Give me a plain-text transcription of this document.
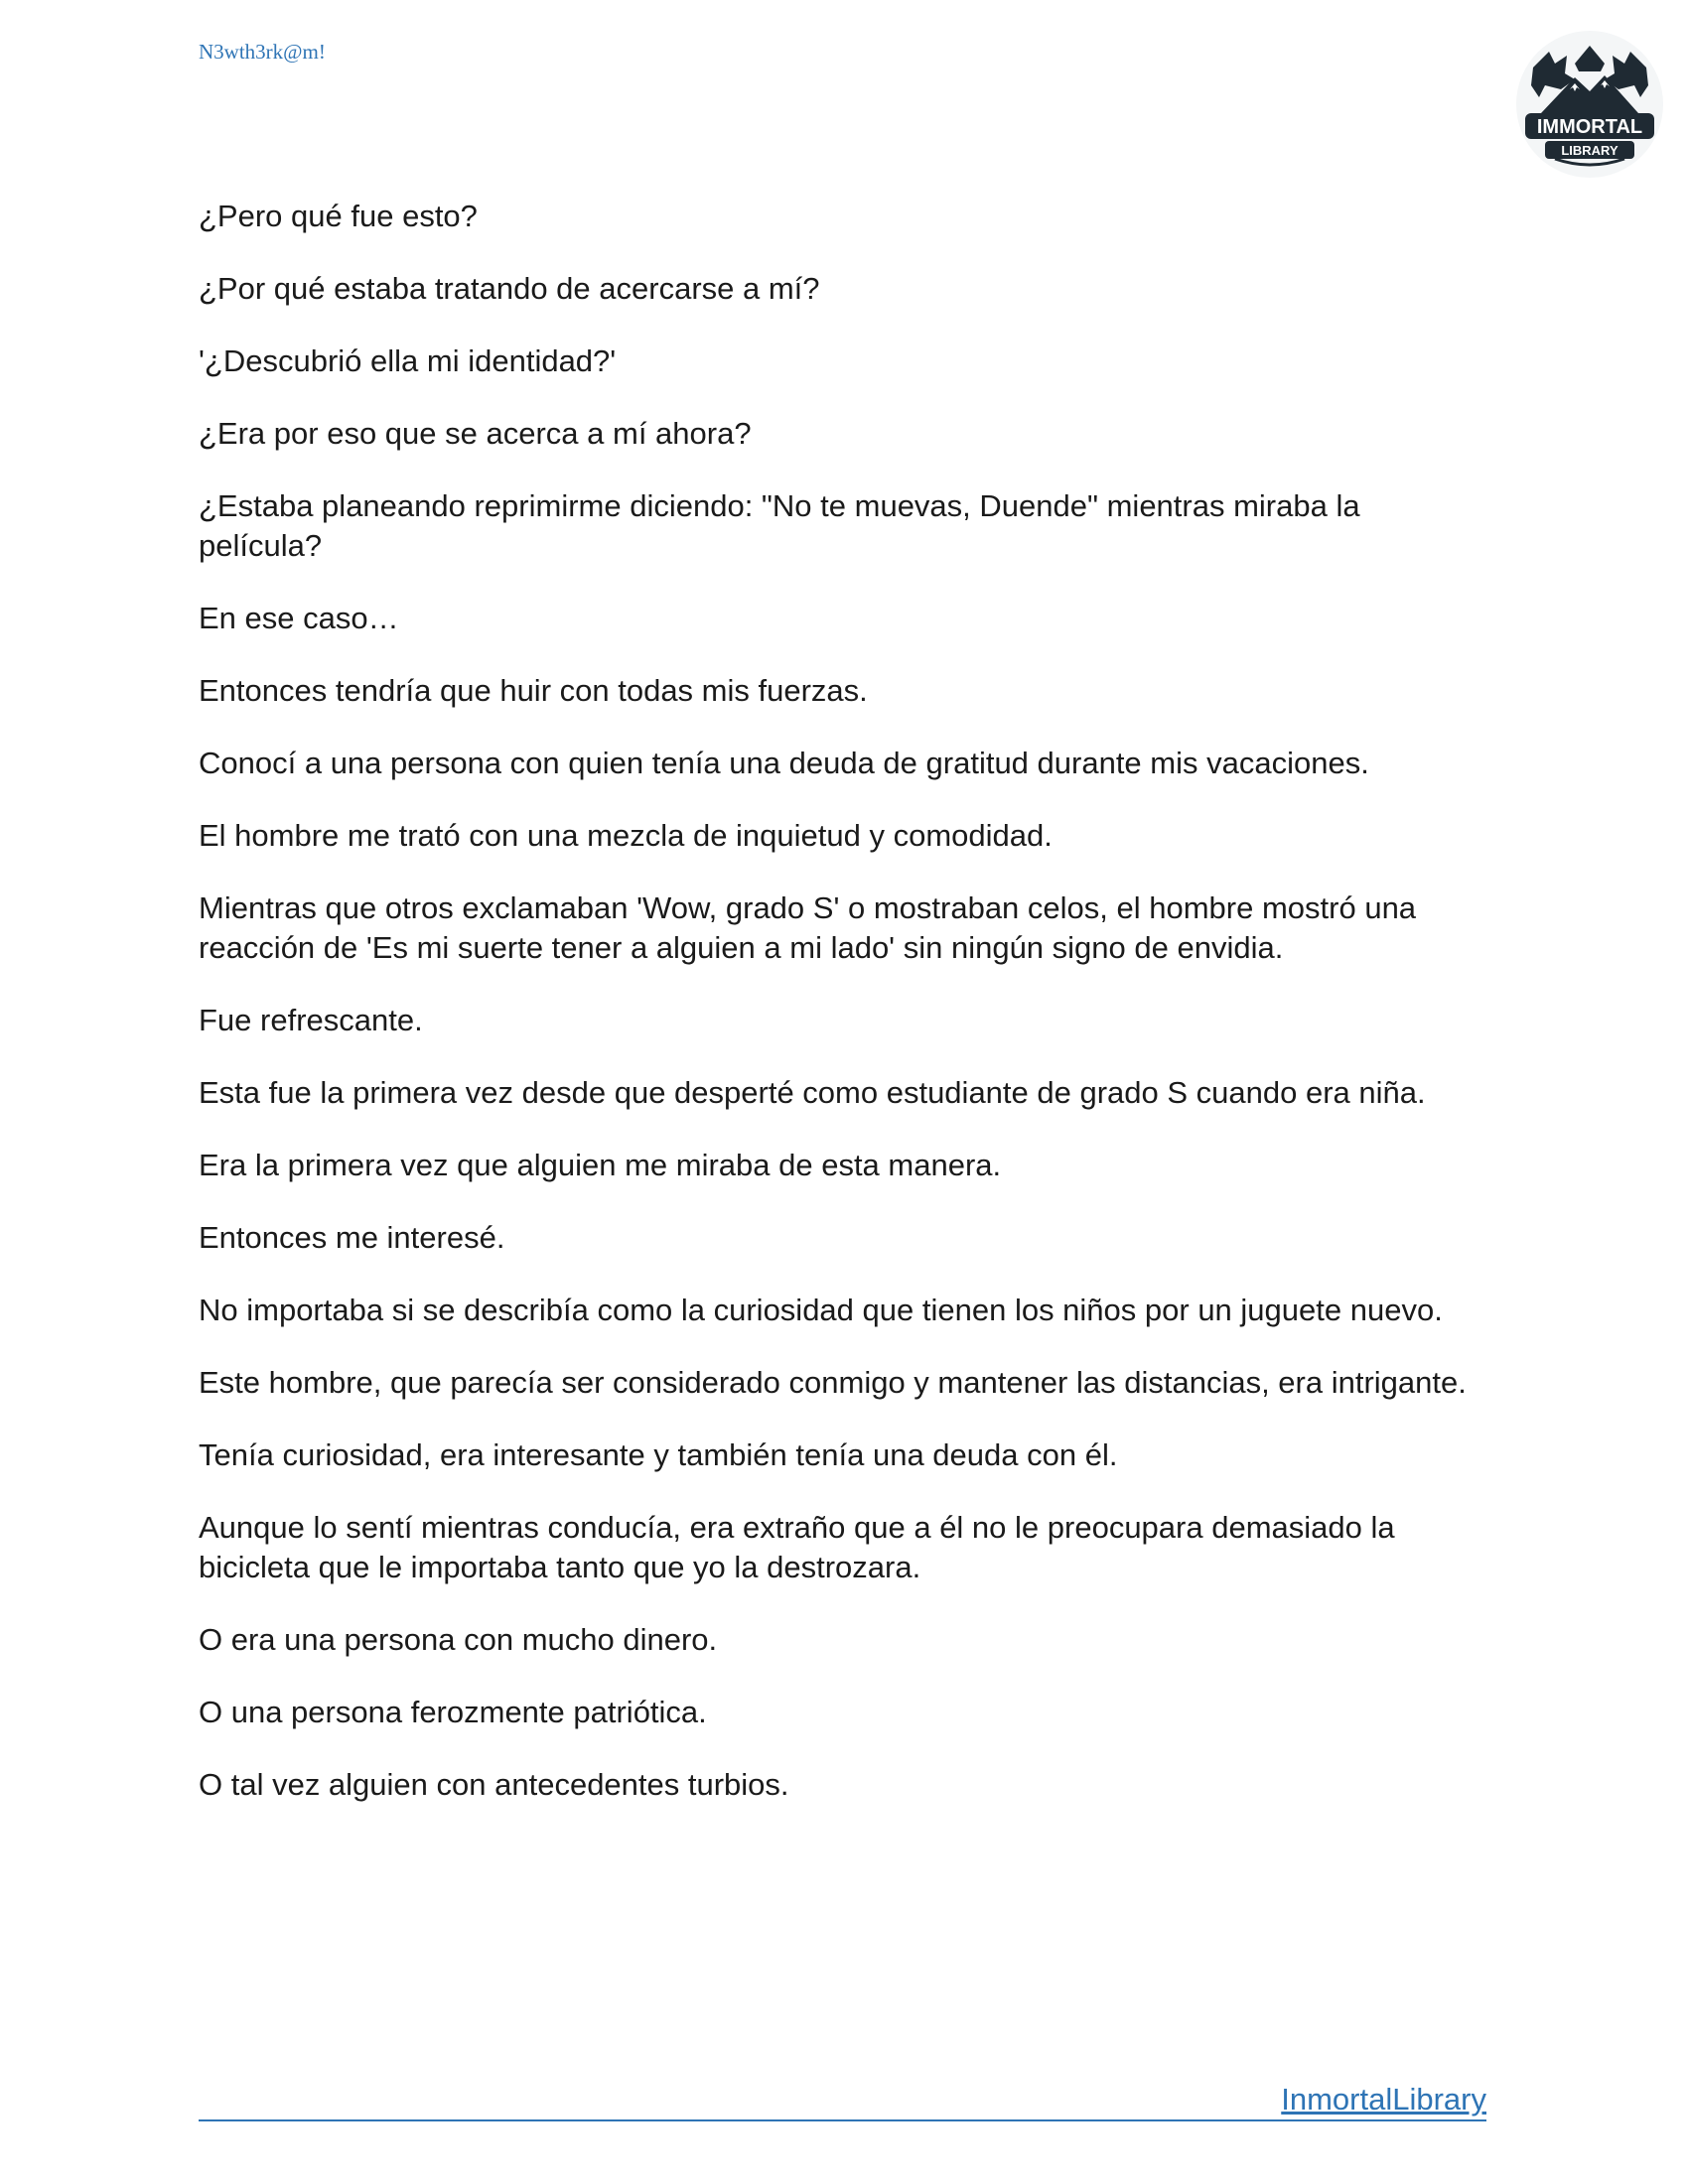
N3wth3rk@m!
IMMORTAL
LIBRARY

¿Pero qué fue esto?

¿Por qué estaba tratando de acercarse a mí?

'¿Descubrió ella mi identidad?'

¿Era por eso que se acerca a mí ahora?

¿Estaba planeando reprimirme diciendo: "No te muevas, Duende" mientras miraba la película?

En ese caso…

Entonces tendría que huir con todas mis fuerzas.

Conocí a una persona con quien tenía una deuda de gratitud durante mis vacaciones.

El hombre me trató con una mezcla de inquietud y comodidad.

Mientras que otros exclamaban 'Wow, grado S' o mostraban celos, el hombre mostró una reacción de 'Es mi suerte tener a alguien a mi lado' sin ningún signo de envidia.

Fue refrescante.

Esta fue la primera vez desde que desperté como estudiante de grado S cuando era niña.

Era la primera vez que alguien me miraba de esta manera.

Entonces me interesé.

No importaba si se describía como la curiosidad que tienen los niños por un juguete nuevo.

Este hombre, que parecía ser considerado conmigo y mantener las distancias, era intrigante.

Tenía curiosidad, era interesante y también tenía una deuda con él.

Aunque lo sentí mientras conducía, era extraño que a él no le preocupara demasiado la bicicleta que le importaba tanto que yo la destrozara.

O era una persona con mucho dinero.

O una persona ferozmente patriótica.

O tal vez alguien con antecedentes turbios.

InmortalLibrary
